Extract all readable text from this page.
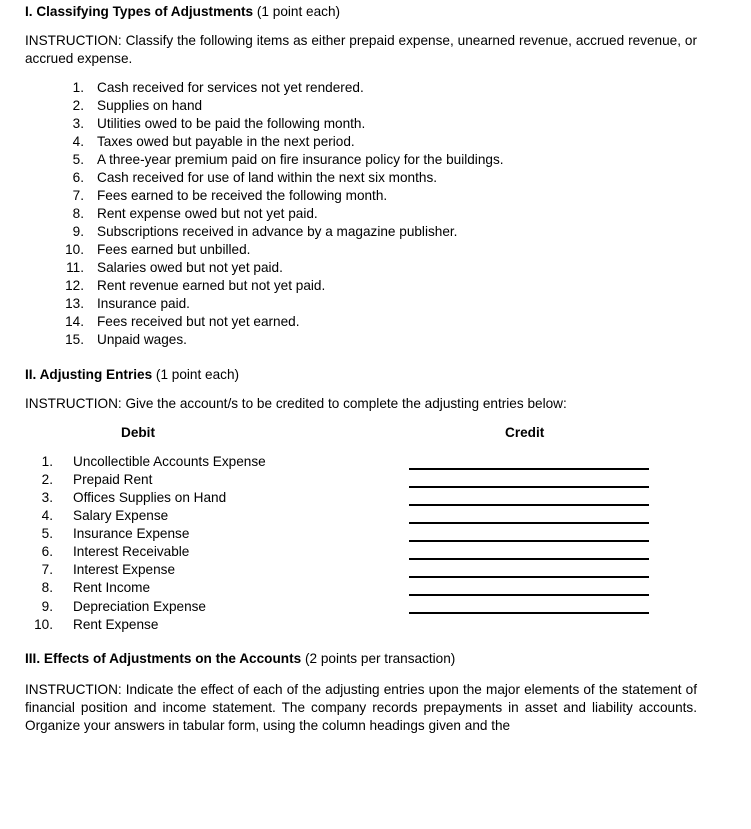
I. Classifying Types of Adjustments (1 point each)
INSTRUCTION: Classify the following items as either prepaid expense, unearned revenue, accrued revenue, or accrued expense.
1. Cash received for services not yet rendered.
2. Supplies on hand
3. Utilities owed to be paid the following month.
4. Taxes owed but payable in the next period.
5. A three-year premium paid on fire insurance policy for the buildings.
6. Cash received for use of land within the next six months.
7. Fees earned to be received the following month.
8. Rent expense owed but not yet paid.
9. Subscriptions received in advance by a magazine publisher.
10. Fees earned but unbilled.
11. Salaries owed but not yet paid.
12. Rent revenue earned but not yet paid.
13. Insurance paid.
14. Fees received but not yet earned.
15. Unpaid wages.
II. Adjusting Entries (1 point each)
INSTRUCTION: Give the account/s to be credited to complete the adjusting entries below:
Debit	Credit
1. Uncollectible Accounts Expense
2. Prepaid Rent
3. Offices Supplies on Hand
4. Salary Expense
5. Insurance Expense
6. Interest Receivable
7. Interest Expense
8. Rent Income
9. Depreciation Expense
10. Rent Expense
III. Effects of Adjustments on the Accounts (2 points per transaction)
INSTRUCTION: Indicate the effect of each of the adjusting entries upon the major elements of the statement of financial position and income statement. The company records prepayments in asset and liability accounts. Organize your answers in tabular form, using the column headings given and the
